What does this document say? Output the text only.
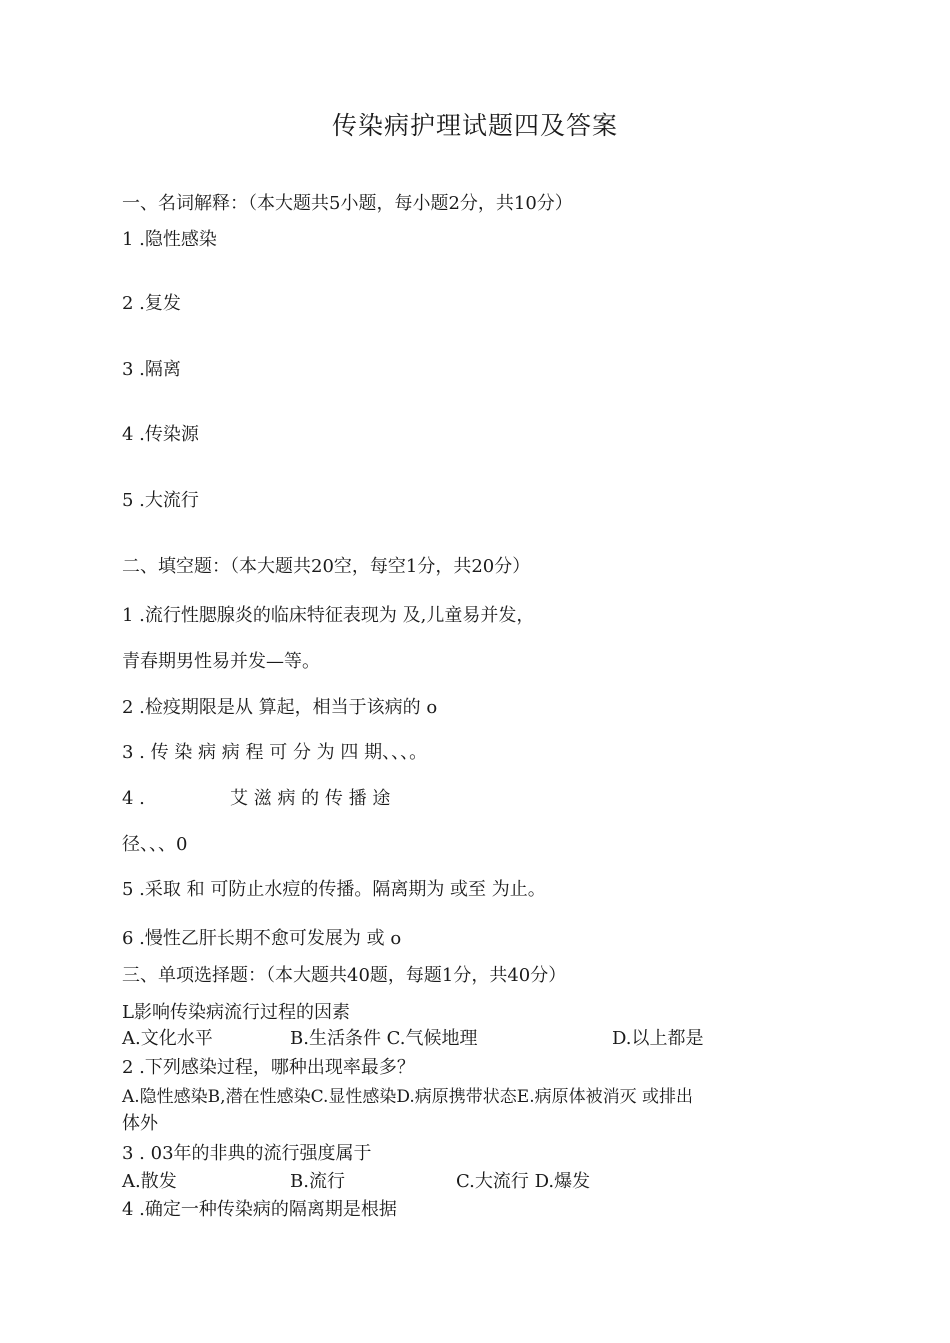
传染病护理试题四及答案

一、名词解释：（本大题共5小题，每小题2分，共10分）

1 .隐性感染

2 .复发

3 .隔离

4 .传染源

5 .大流行

二、填空题：（本大题共20空，每空1分，共20分）

1 .流行性腮腺炎的临床特征表现为 及,儿童易并发，

青春期男性易并发—等。

2 .检疫期限是从 算起，相当于该病的 o

3 . 传 染 病 病 程 可 分 为 四 期、、、。

4 .	艾 滋 病 的 传 播 途

径、、、0

5 .采取 和 可防止水痘的传播。隔离期为 或至 为止。

6 .慢性乙肝长期不愈可发展为 或 o

三、单项选择题：（本大题共40题，每题1分，共40分）

L影响传染病流行过程的因素

A.文化水平	B.生活条件 C.气候地理	D.以上都是

2 .下列感染过程，哪种出现率最多？

A.隐性感染B,潜在性感染C.显性感染D.病原携带状态E.病原体被消灭 或排出

体外

3 . 03年的非典的流行强度属于

A.散发	B.流行	C.大流行 D.爆发

4 .确定一种传染病的隔离期是根据
